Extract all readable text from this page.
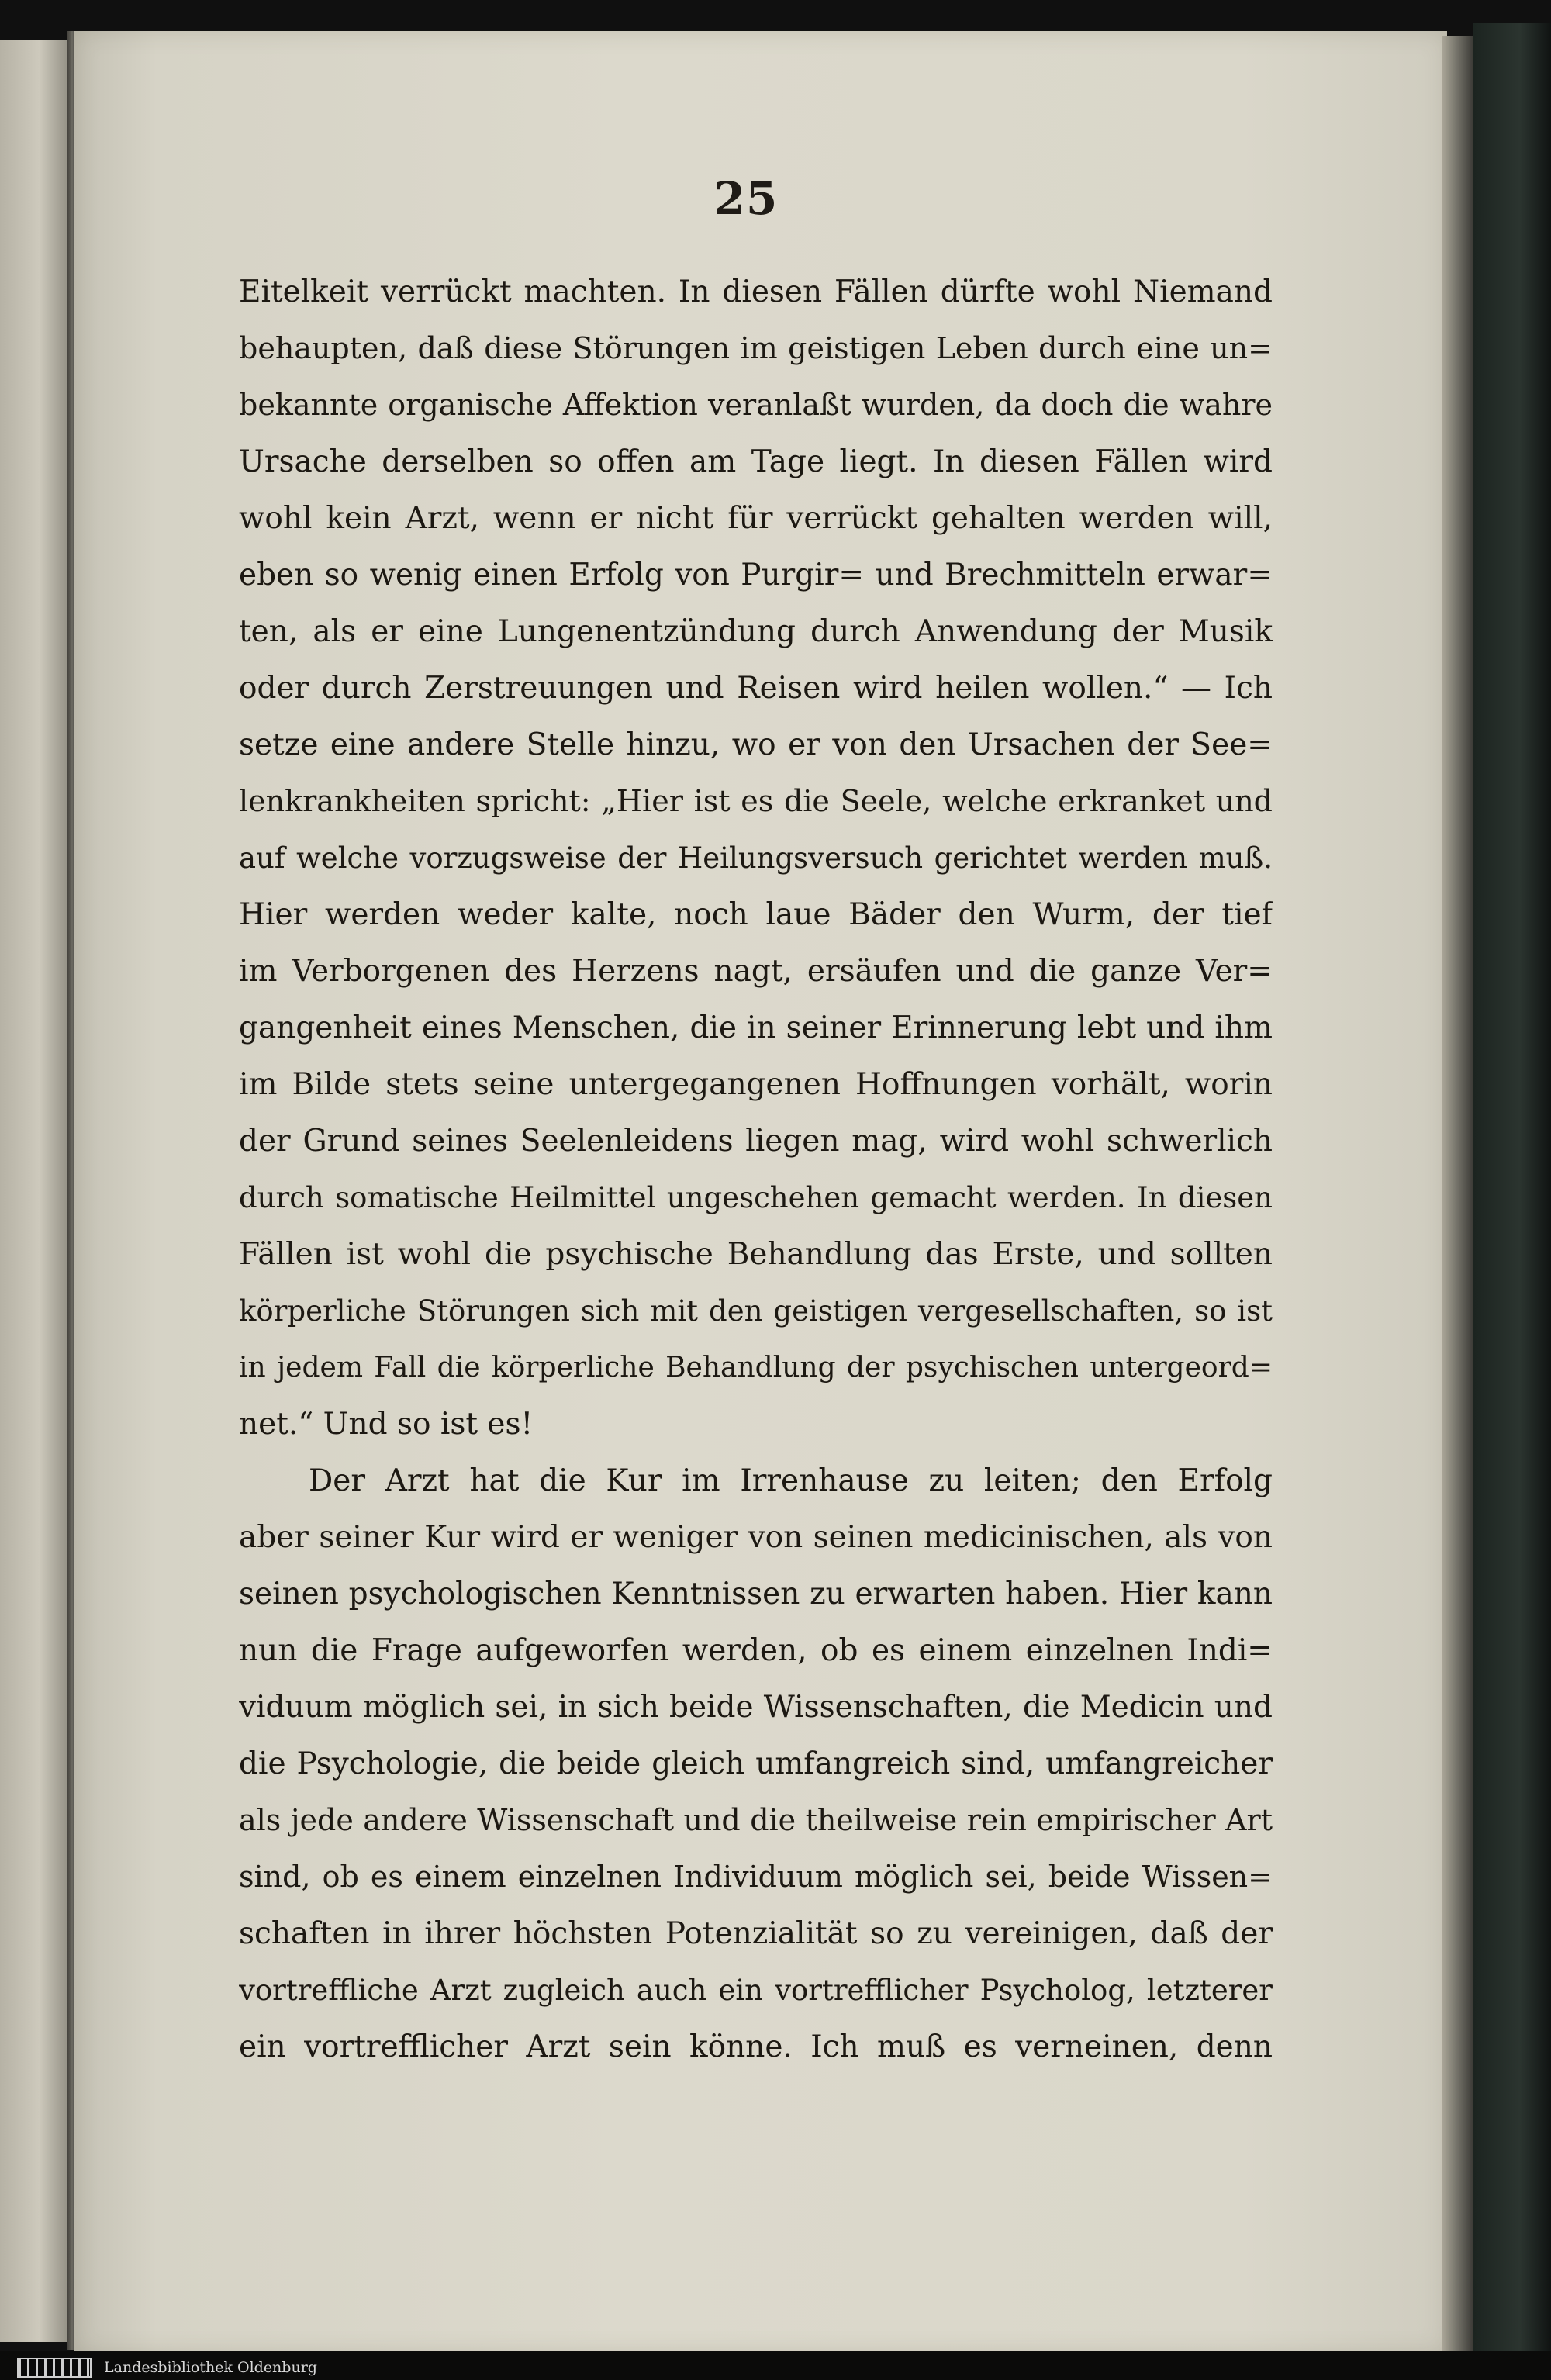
25
Eitelkeit verrückt machten. In diesen Fällen dürfte wohl Niemand
behaupten, daß diese Störungen im geistigen Leben durch eine un=
bekannte organische Affektion veranlaßt wurden, da doch die wahre
Ursache derselben so offen am Tage liegt. In diesen Fällen wird
wohl kein Arzt, wenn er nicht für verrückt gehalten werden will,
eben so wenig einen Erfolg von Purgir= und Brechmitteln erwar=
ten, als er eine Lungenentzündung durch Anwendung der Musik
oder durch Zerstreuungen und Reisen wird heilen wollen.“ — Ich
setze eine andere Stelle hinzu, wo er von den Ursachen der See=
lenkrankheiten spricht: „Hier ist es die Seele, welche erkranket und
auf welche vorzugsweise der Heilungsversuch gerichtet werden muß.
Hier werden weder kalte, noch laue Bäder den Wurm, der tief
im Verborgenen des Herzens nagt, ersäufen und die ganze Ver=
gangenheit eines Menschen, die in seiner Erinnerung lebt und ihm
im Bilde stets seine untergegangenen Hoffnungen vorhält, worin
der Grund seines Seelenleidens liegen mag, wird wohl schwerlich
durch somatische Heilmittel ungeschehen gemacht werden. In diesen
Fällen ist wohl die psychische Behandlung das Erste, und sollten
körperliche Störungen sich mit den geistigen vergesellschaften, so ist
in jedem Fall die körperliche Behandlung der psychischen untergeord=
net.“ Und so ist es!
Der Arzt hat die Kur im Irrenhause zu leiten; den Erfolg
aber seiner Kur wird er weniger von seinen medicinischen, als von
seinen psychologischen Kenntnissen zu erwarten haben. Hier kann
nun die Frage aufgeworfen werden, ob es einem einzelnen Indi=
viduum möglich sei, in sich beide Wissenschaften, die Medicin und
die Psychologie, die beide gleich umfangreich sind, umfangreicher
als jede andere Wissenschaft und die theilweise rein empirischer Art
sind, ob es einem einzelnen Individuum möglich sei, beide Wissen=
schaften in ihrer höchsten Potenzialität so zu vereinigen, daß der
vortreffliche Arzt zugleich auch ein vortrefflicher Psycholog, letzterer
ein vortrefflicher Arzt sein könne. Ich muß es verneinen, denn
Landesbibliothek Oldenburg
